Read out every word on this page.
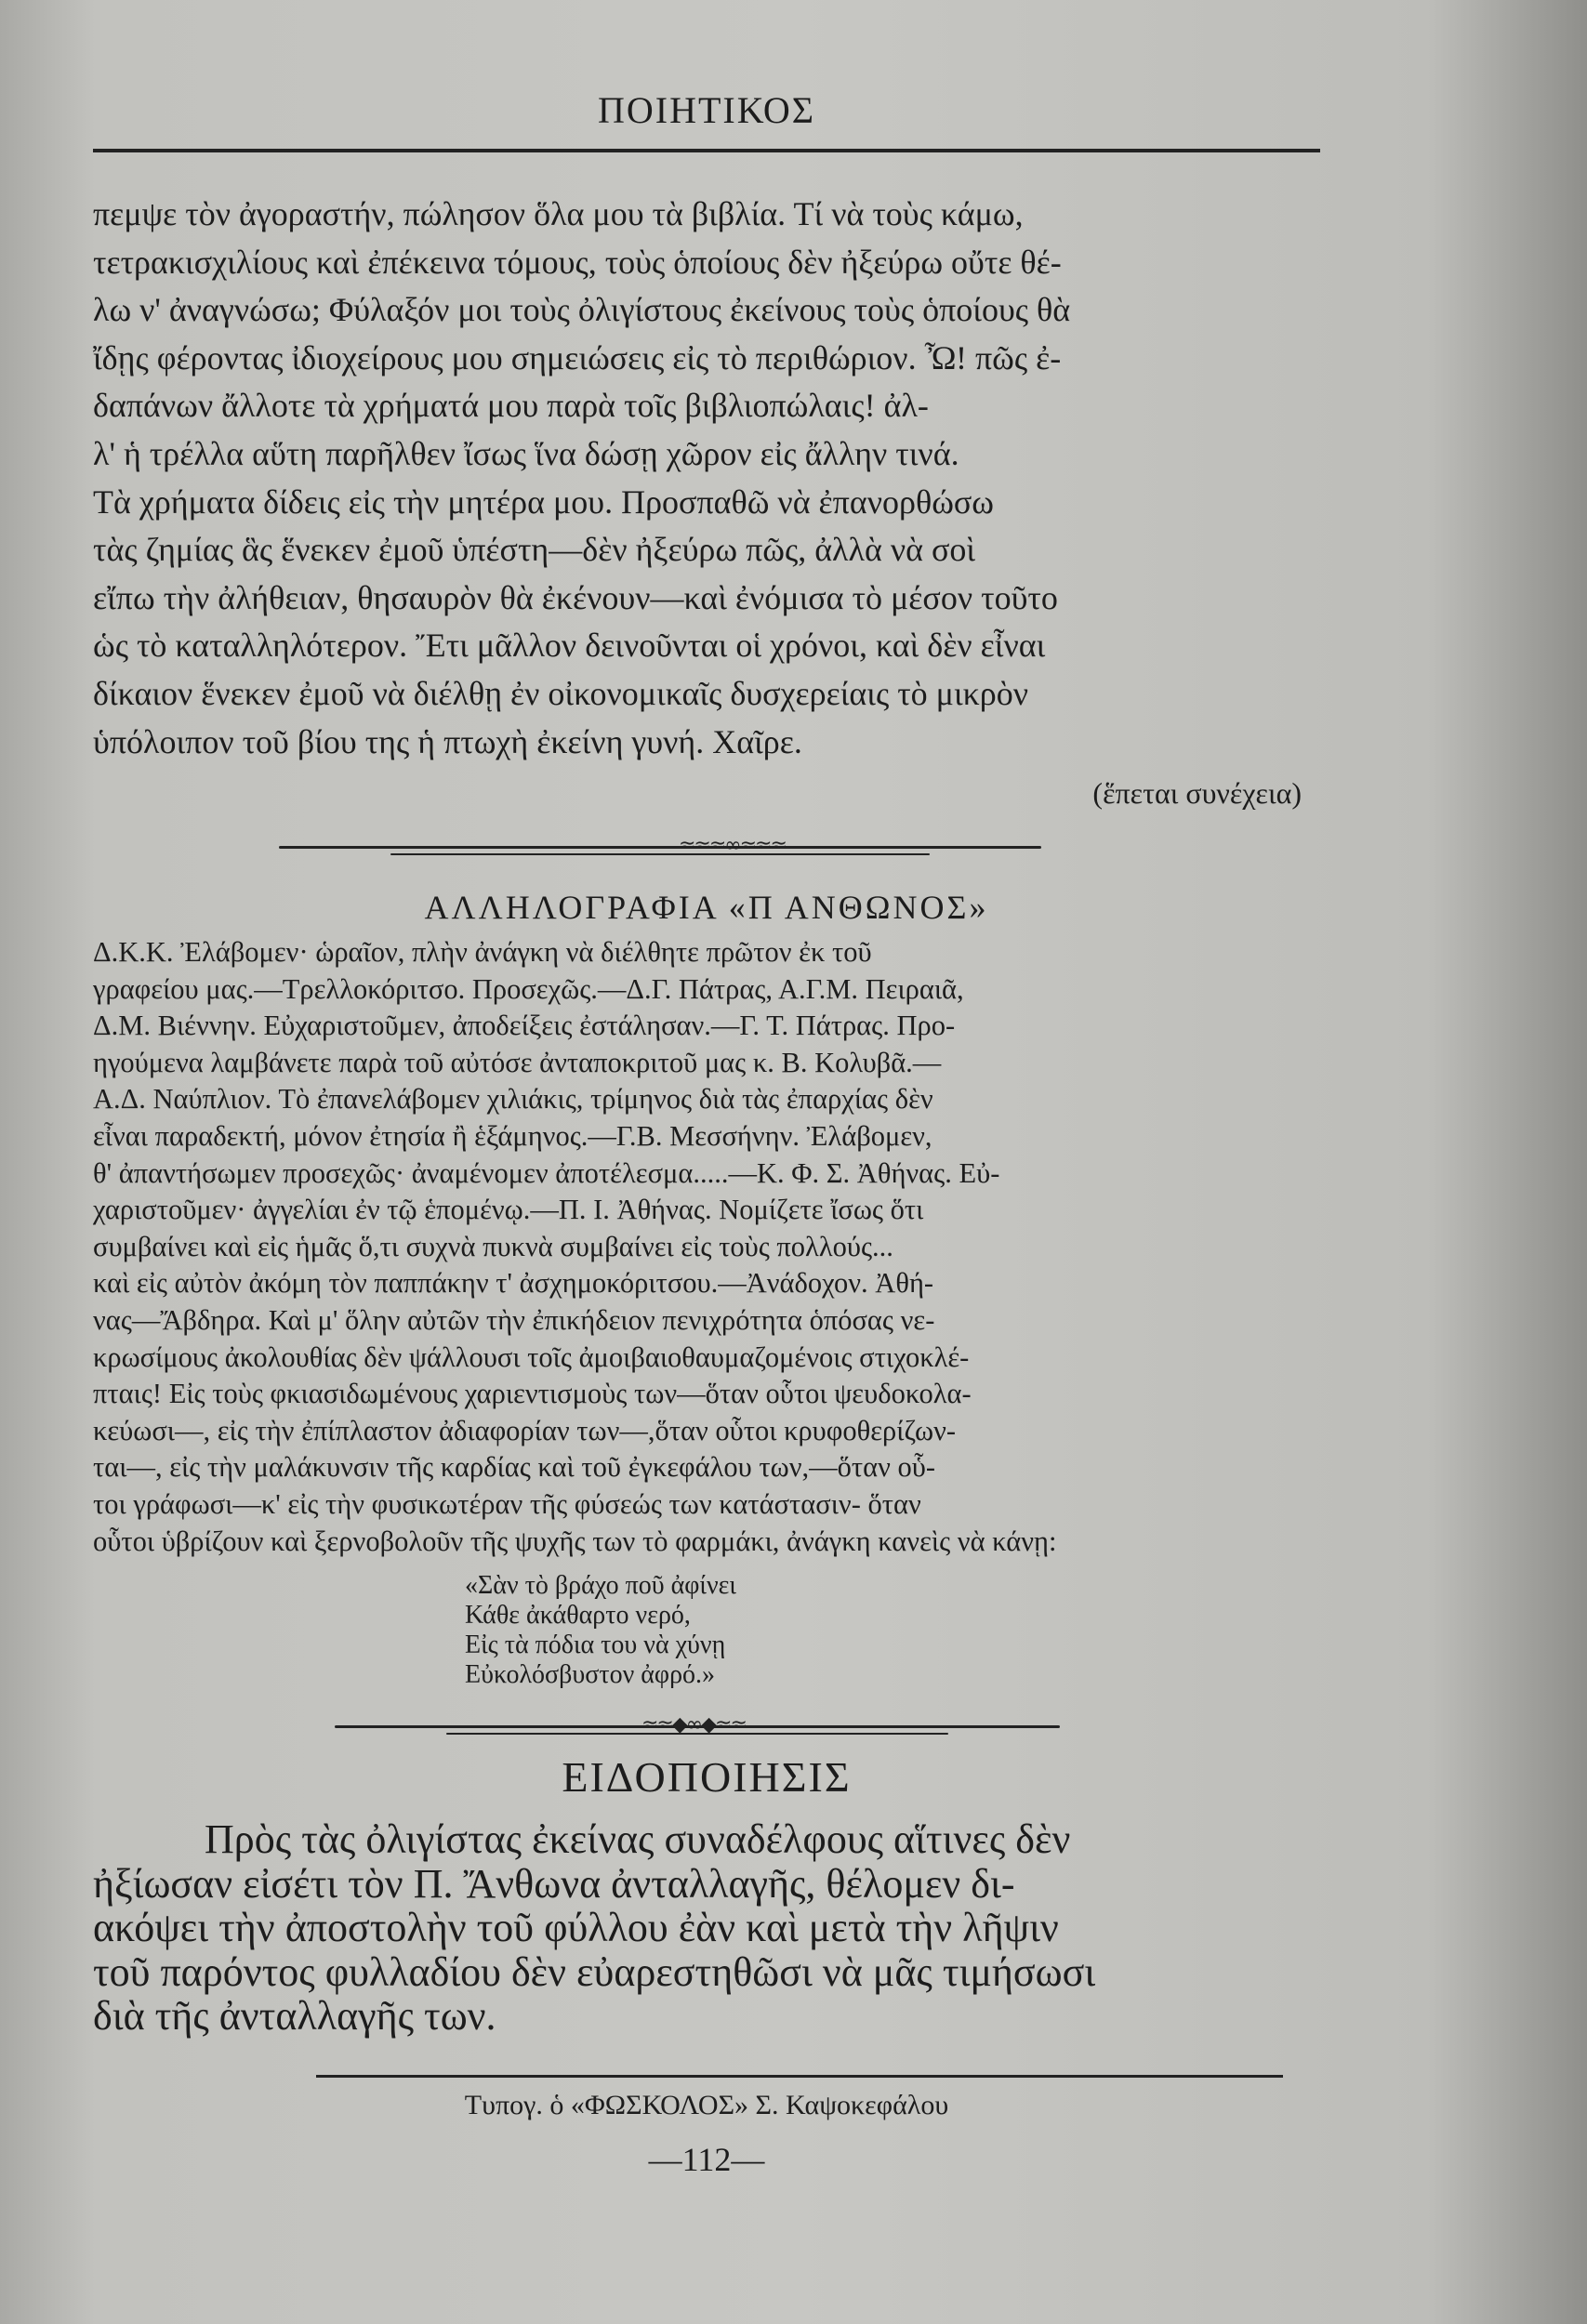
ΠΟΙΗΤΙΚΟΣ
πεμψε τὸν ἀγοραστήν, πώλησον ὅλα μου τὰ βιβλία. Τί νὰ τοὺς κάμω,
τετρακισχιλίους καὶ ἐπέκεινα τόμους, τοὺς ὁποίους δὲν ἠξεύρω οὔτε θέ-
λω ν' ἀναγνώσω; Φύλαξόν μοι τοὺς ὀλιγίστους ἐκείνους τοὺς ὁποίους θὰ
ἴδῃς φέροντας ἰδιοχείρους μου σημειώσεις εἰς τὸ περιθώριον. Ὦ! πῶς ἐ-
δαπάνων ἄλλοτε τὰ χρήματά μου παρὰ τοῖς βιβλιοπώλαις! ἀλ-
λ' ἡ τρέλλα αὕτη παρῆλθεν ἴσως ἵνα δώσῃ χῶρον εἰς ἄλλην τινά.
Τὰ χρήματα δίδεις εἰς τὴν μητέρα μου. Προσπαθῶ νὰ ἐπανορθώσω
τὰς ζημίας ἃς ἕνεκεν ἐμοῦ ὑπέστη—δὲν ἠξεύρω πῶς, ἀλλὰ νὰ σοὶ
εἴπω τὴν ἀλήθειαν, θησαυρὸν θὰ ἐκένουν—καὶ ἐνόμισα τὸ μέσον τοῦτο
ὡς τὸ καταλληλότερον. Ἔτι μᾶλλον δεινοῦνται οἱ χρόνοι, καὶ δὲν εἶναι
δίκαιον ἕνεκεν ἐμοῦ νὰ διέλθῃ ἐν οἰκονομικαῖς δυσχερείαις τὸ μικρὸν
ὑπόλοιπον τοῦ βίου της ἡ πτωχὴ ἐκείνη γυνή. Χαῖρε.
(ἕπεται συνέχεια)
≈≈≈∞≈≈≈
ΑΛΛΗΛΟΓΡΑΦΙΑ «Π ΑΝΘΩΝΟΣ»
Δ.Κ.Κ. Ἐλάβομεν· ὡραῖον, πλὴν ἀνάγκη νὰ διέλθητε πρῶτον ἐκ τοῦ
γραφείου μας.—Τρελλοκόριτσο. Προσεχῶς.—Δ.Γ. Πάτρας, Α.Γ.Μ. Πειραιᾶ,
Δ.Μ. Βιέννην. Εὐχαριστοῦμεν, ἀποδείξεις ἐστάλησαν.—Γ. Τ. Πάτρας. Προ-
ηγούμενα λαμβάνετε παρὰ τοῦ αὐτόσε ἀνταποκριτοῦ μας κ. Β. Κολυβᾶ.—
Α.Δ. Ναύπλιον. Τὸ ἐπανελάβομεν χιλιάκις, τρίμηνος διὰ τὰς ἐπαρχίας δὲν
εἶναι παραδεκτή, μόνον ἐτησία ἢ ἑξάμηνος.—Γ.Β. Μεσσήνην. Ἐλάβομεν,
θ' ἀπαντήσωμεν προσεχῶς· ἀναμένομεν ἀποτέλεσμα.....—Κ. Φ. Σ. Ἀθήνας. Εὐ-
χαριστοῦμεν· ἀγγελίαι ἐν τῷ ἑπομένῳ.—Π. Ι. Ἀθήνας. Νομίζετε ἴσως ὅτι
συμβαίνει καὶ εἰς ἡμᾶς ὅ,τι συχνὰ πυκνὰ συμβαίνει εἰς τοὺς πολλούς...
καὶ εἰς αὐτὸν ἀκόμη τὸν παππάκην τ' ἀσχημοκόριτσου.—Ἀνάδοχον. Ἀθή-
νας—Ἄβδηρα. Καὶ μ' ὅλην αὐτῶν τὴν ἐπικήδειον πενιχρότητα ὁπόσας νε-
κρωσίμους ἀκολουθίας δὲν ψάλλουσι τοῖς ἀμοιβαιοθαυμαζομένοις στιχοκλέ-
πταις! Εἰς τοὺς φκιασιδωμένους χαριεντισμοὺς των—ὅταν οὗτοι ψευδοκολα-
κεύωσι—, εἰς τὴν ἐπίπλαστον ἀδιαφορίαν των—,ὅταν οὗτοι κρυφοθερίζων-
ται—, εἰς τὴν μαλάκυνσιν τῆς καρδίας καὶ τοῦ ἐγκεφάλου των,—ὅταν οὗ-
τοι γράφωσι—κ' εἰς τὴν φυσικωτέραν τῆς φύσεώς των κατάστασιν- ὅταν
οὗτοι ὑβρίζουν καὶ ξερνοβολοῦν τῆς ψυχῆς των τὸ φαρμάκι, ἀνάγκη κανεὶς νὰ κάνῃ:
«Σὰν τὸ βράχο ποῦ ἀφίνει
Κάθε ἀκάθαρτο νερό,
Εἰς τὰ πόδια του νὰ χύνῃ
Εὐκολόσβυστον ἀφρό.»
≈≈◆∞◆≈≈
ΕΙΔΟΠΟΙΗΣΙΣ
Πρὸς τὰς ὀλιγίστας ἐκείνας συναδέλφους αἵτινες δὲν
ἠξίωσαν εἰσέτι τὸν Π. Ἄνθωνα ἀνταλλαγῆς, θέλομεν δι-
ακόψει τὴν ἀποστολὴν τοῦ φύλλου ἐὰν καὶ μετὰ τὴν λῆψιν
τοῦ παρόντος φυλλαδίου δὲν εὐαρεστηθῶσι νὰ μᾶς τιμήσωσι
διὰ τῆς ἀνταλλαγῆς των.
Τυπογ. ὁ «ΦΩΣΚΟΛΟΣ» Σ. Καψοκεφάλου
—112—
